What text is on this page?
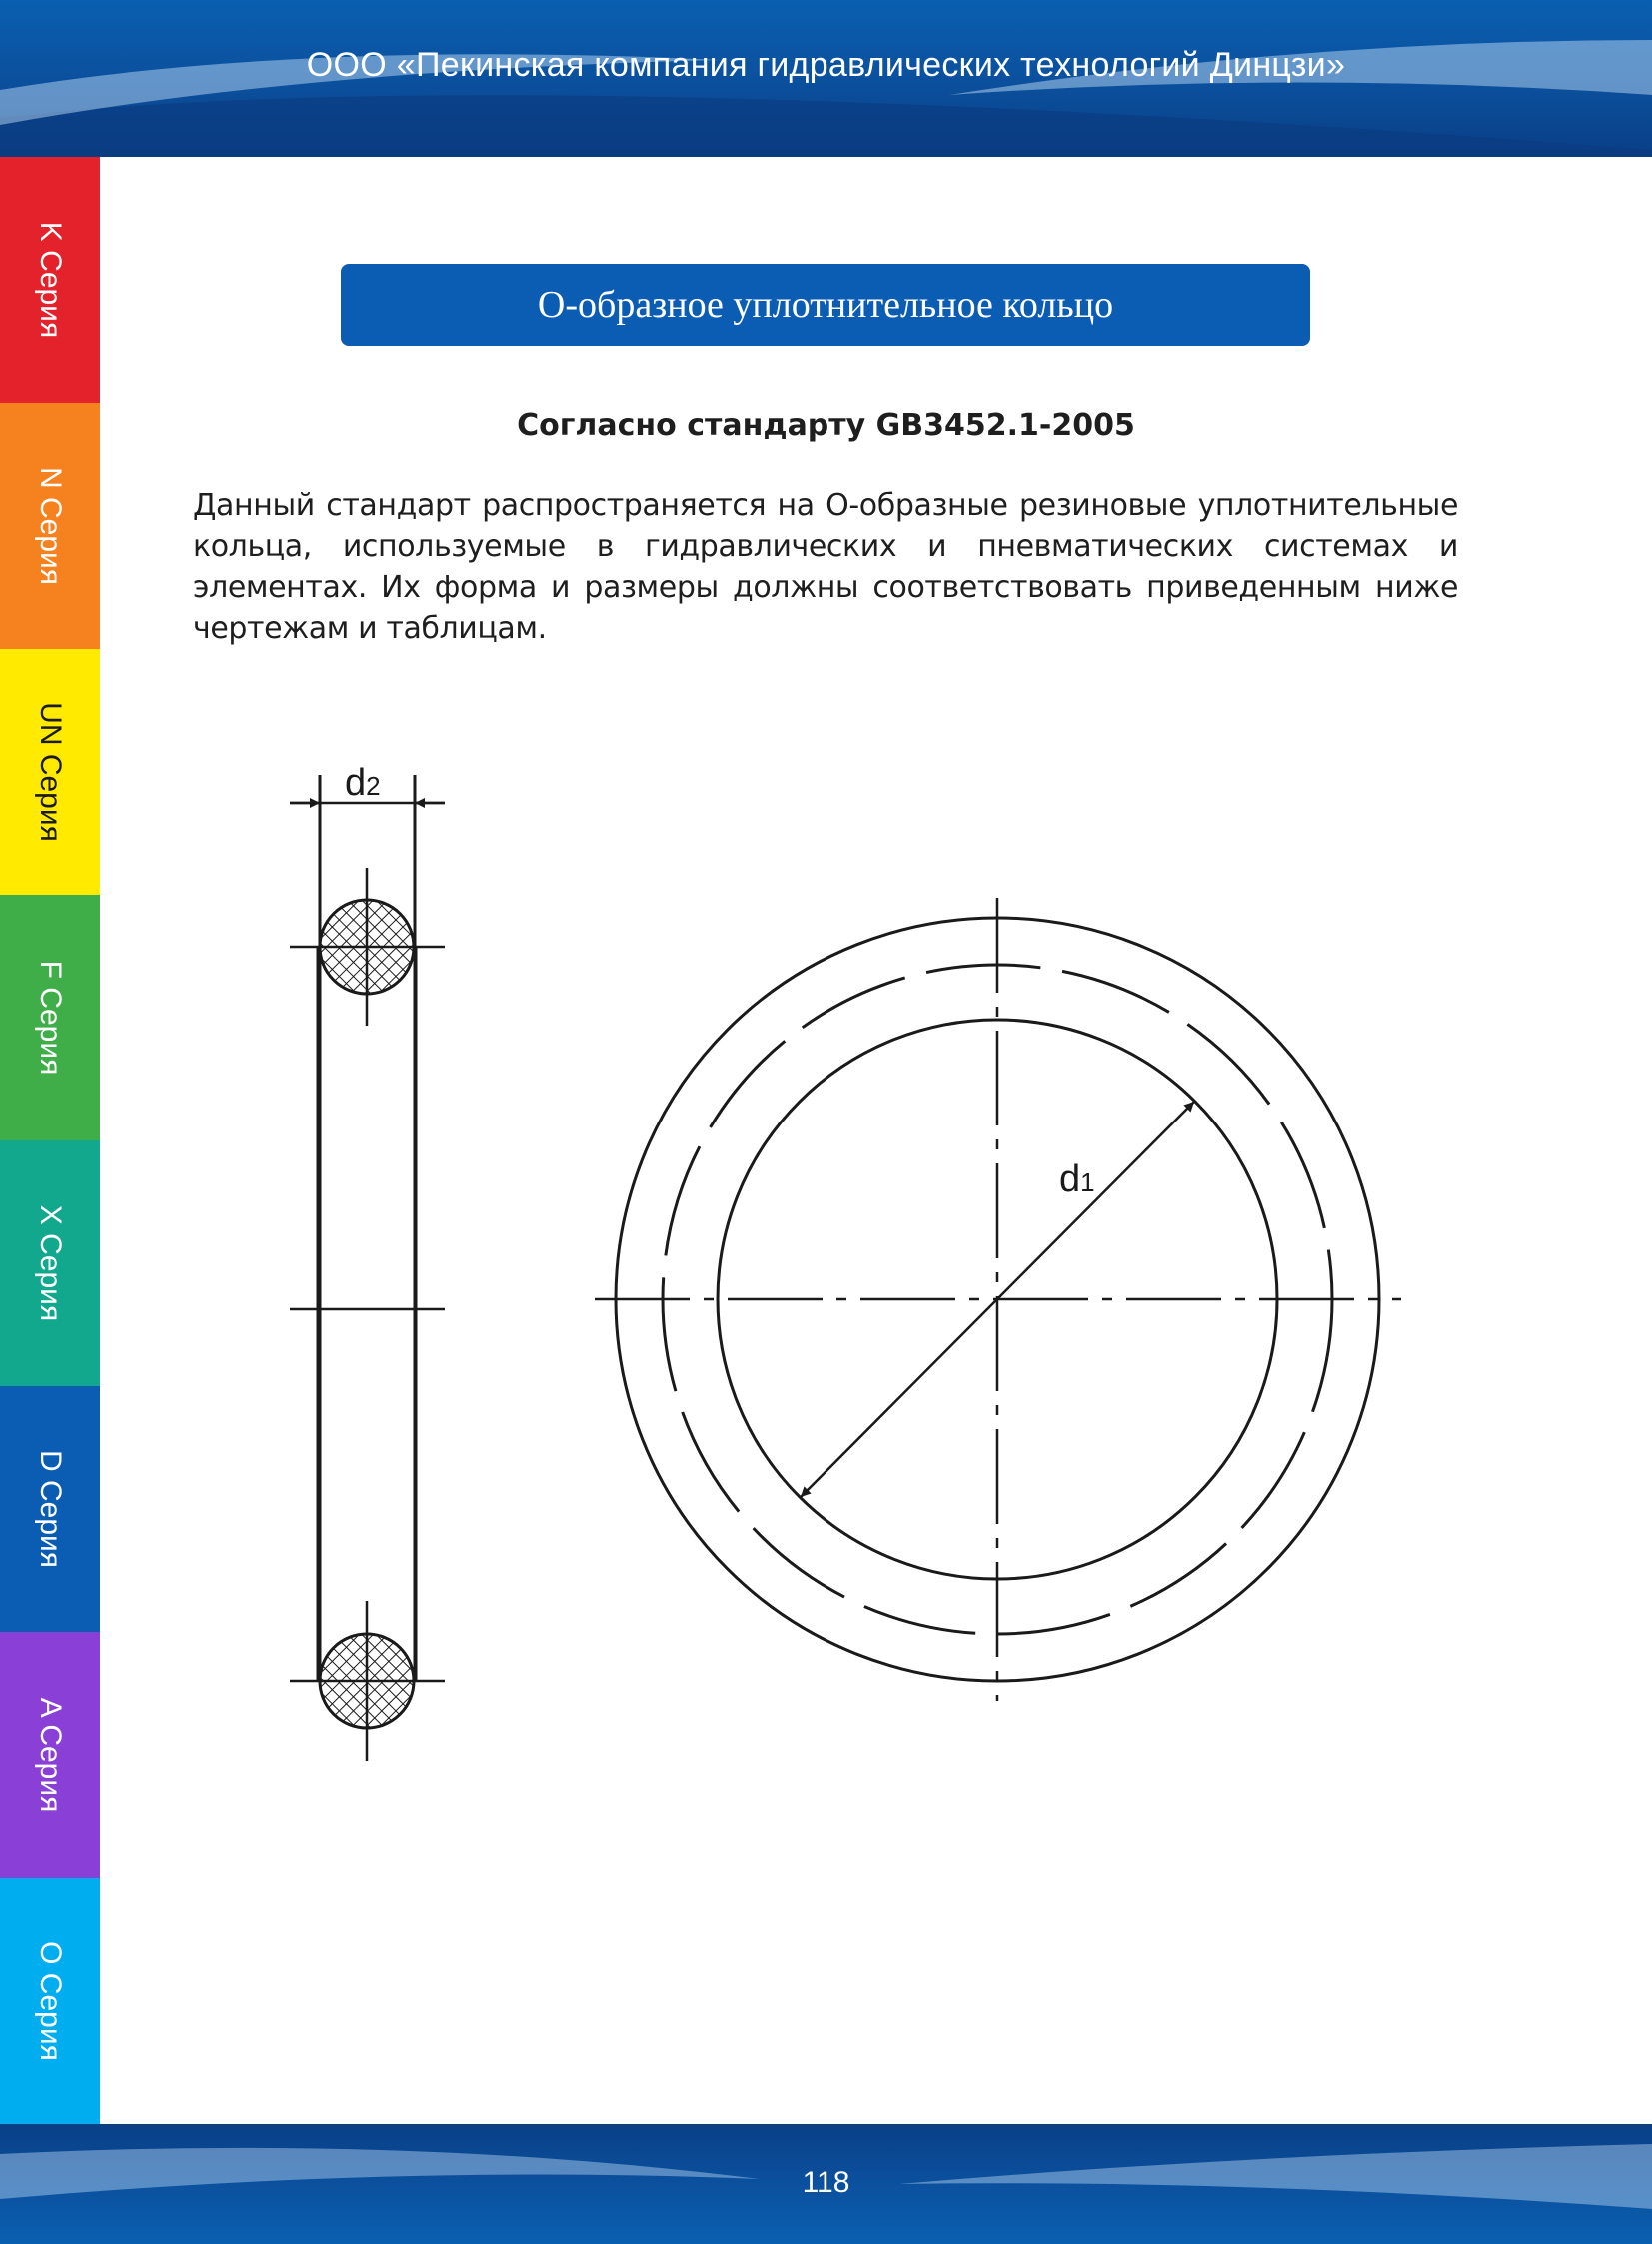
ООО «Пекинская компания гидравлических технологий Динцзи»
K Серия
N Серия
UN Серия
F Серия
X Серия
D Серия
A Серия
O Серия
О-образное уплотнительное кольцо
Согласно стандарту GB3452.1-2005
Данный стандарт распространяется на О-образные резиновые уплотнительные кольца, используемые в гидравлических и пневматических системах и элементах. Их форма и размеры должны соответствовать приведенным ниже чертежам и таблицам.
d2
d1
118
